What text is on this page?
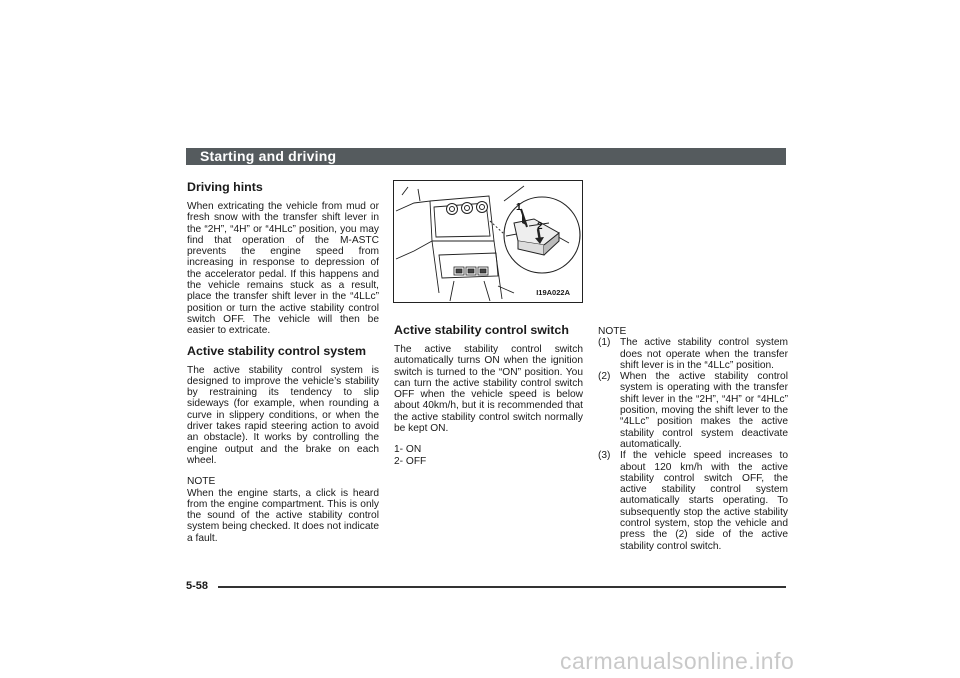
Starting and driving
Driving hints

When extricating the vehicle from mud or fresh snow with the transfer shift lever in the “2H”, “4H” or “4HLc” position, you may find that operation of the M-ASTC prevents the engine speed from increasing in response to depression of the accelerator pedal. If this happens and the vehicle remains stuck as a result, place the transfer shift lever in the “4LLc” position or turn the active stability control switch OFF. The vehicle will then be easier to extricate.

Active stability control system

The active stability control system is designed to improve the vehicle’s stability by restraining its tendency to slip sideways (for example, when rounding a curve in slippery conditions, or when the driver takes rapid steering action to avoid an obstacle). It works by controlling the engine output and the brake on each wheel.

NOTE

When the engine starts, a click is heard from the engine compartment. This is only the sound of the active stability control system being checked. It does not indicate a fault.

1
2
I19A022A
Active stability control switch

The active stability control switch automatically turns ON when the ignition switch is turned to the “ON” position. You can turn the active stability control switch OFF when the vehicle speed is below about 40km/h, but it is recommended that the active stability control switch normally be kept ON.

1- ON
2- OFF

NOTE

(1) The active stability control system does not operate when the transfer shift lever is in the “4LLc” position.
(2) When the active stability control system is operating with the transfer shift lever in the “2H”, “4H” or “4HLc” position, moving the shift lever to the “4LLc” position makes the active stability control system deactivate automatically.
(3) If the vehicle speed increases to about 120 km/h with the active stability control switch OFF, the active stability control system automatically starts operating. To subsequently stop the active stability control system, stop the vehicle and press the (2) side of the active stability control switch.
5-58
carmanualsonline.info
